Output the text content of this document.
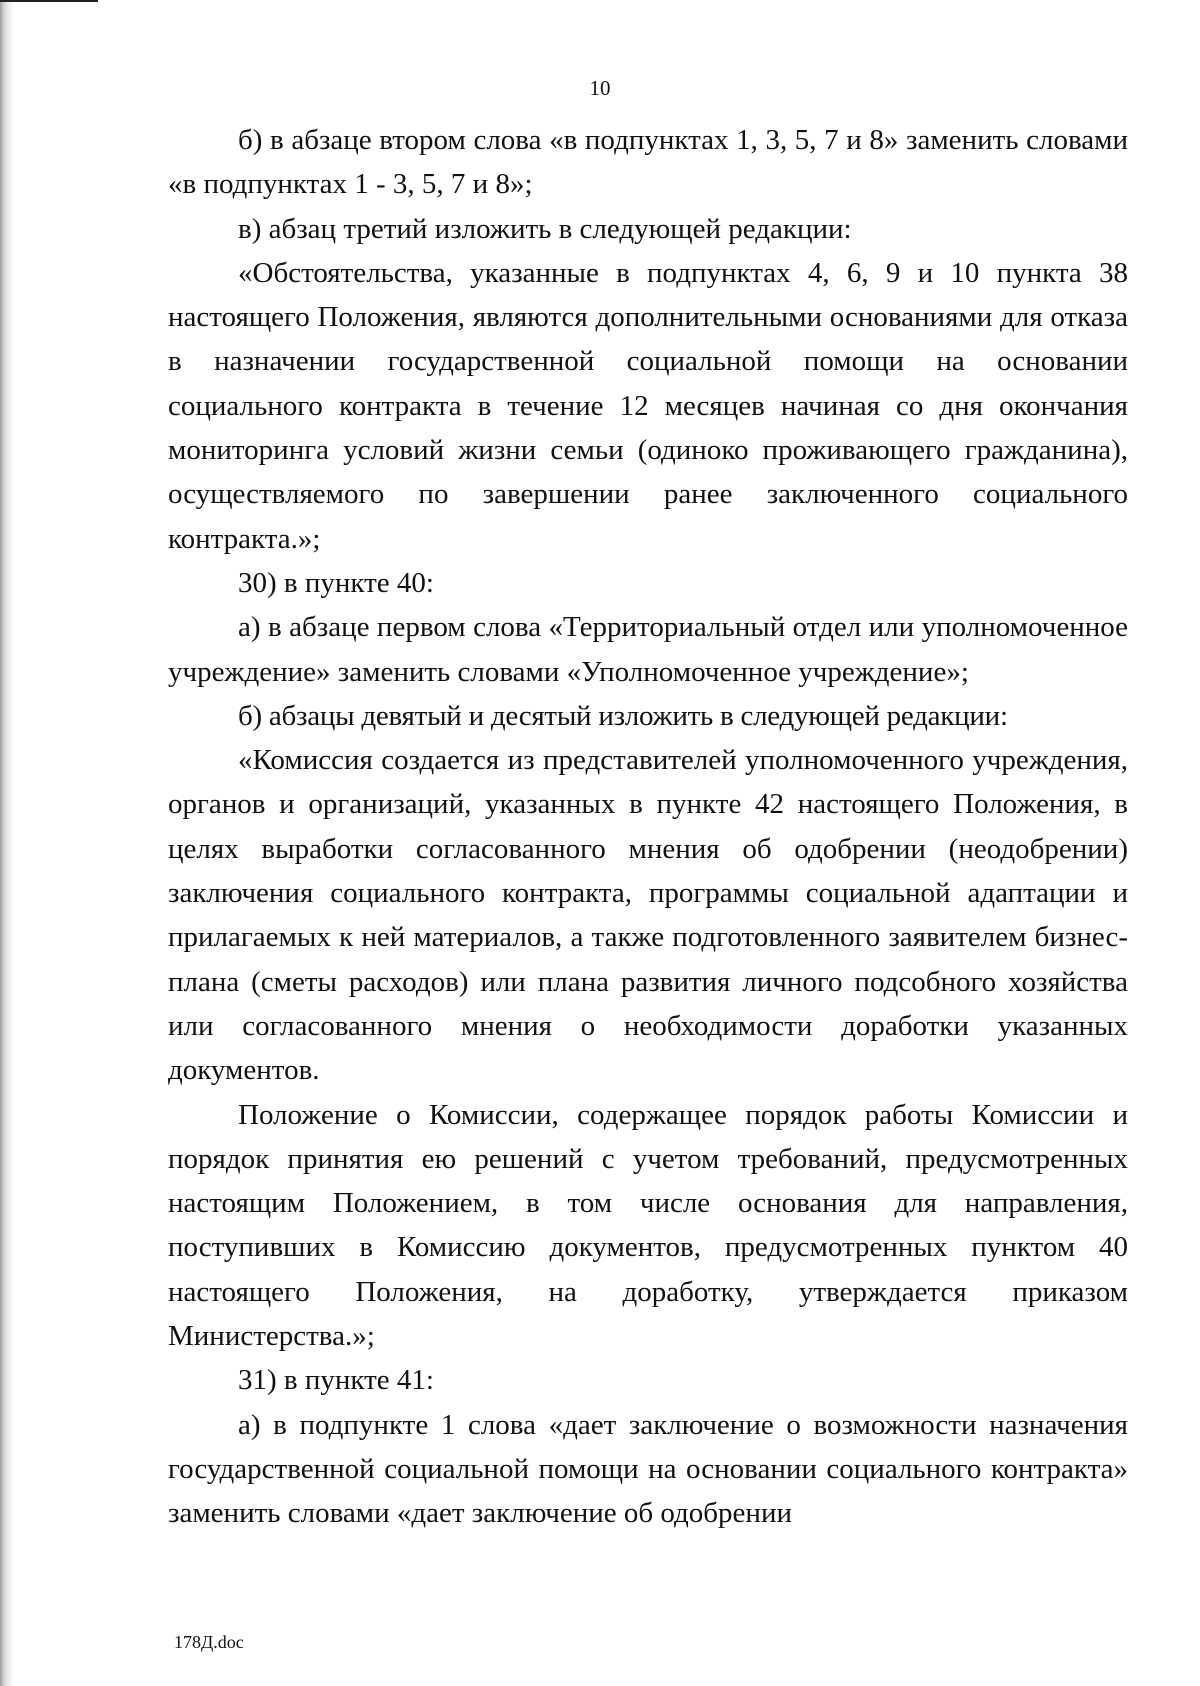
10

б) в абзаце втором слова «в подпунктах 1, 3, 5, 7 и 8» заменить словами «в подпунктах 1 - 3, 5, 7 и 8»;

в) абзац третий изложить в следующей редакции:

«Обстоятельства, указанные в подпунктах 4, 6, 9 и 10 пункта 38 настоящего Положения, являются дополнительными основаниями для отказа в назначении государственной социальной помощи на основании социального контракта в течение 12 месяцев начиная со дня окончания мониторинга условий жизни семьи (одиноко проживающего гражданина), осуществляемого по завершении ранее заключенного социального контракта.»;

30) в пункте 40:

а) в абзаце первом слова «Территориальный отдел или уполномоченное учреждение» заменить словами «Уполномоченное учреждение»;

б) абзацы девятый и десятый изложить в следующей редакции:

«Комиссия создается из представителей уполномоченного учреждения, органов и организаций, указанных в пункте 42 настоящего Положения, в целях выработки согласованного мнения об одобрении (неодобрении) заключения социального контракта, программы социальной адаптации и прилагаемых к ней материалов, а также подготовленного заявителем бизнес-плана (сметы расходов) или плана развития личного подсобного хозяйства или согласованного мнения о необходимости доработки указанных документов.

Положение о Комиссии, содержащее порядок работы Комиссии и порядок принятия ею решений с учетом требований, предусмотренных настоящим Положением, в том числе основания для направления, поступивших в Комиссию документов, предусмотренных пунктом 40 настоящего Положения, на доработку, утверждается приказом Министерства.»;

31) в пункте 41:

а) в подпункте 1 слова «дает заключение о возможности назначения государственной социальной помощи на основании социального контракта» заменить словами «дает заключение об одобрении

178Д.doc
